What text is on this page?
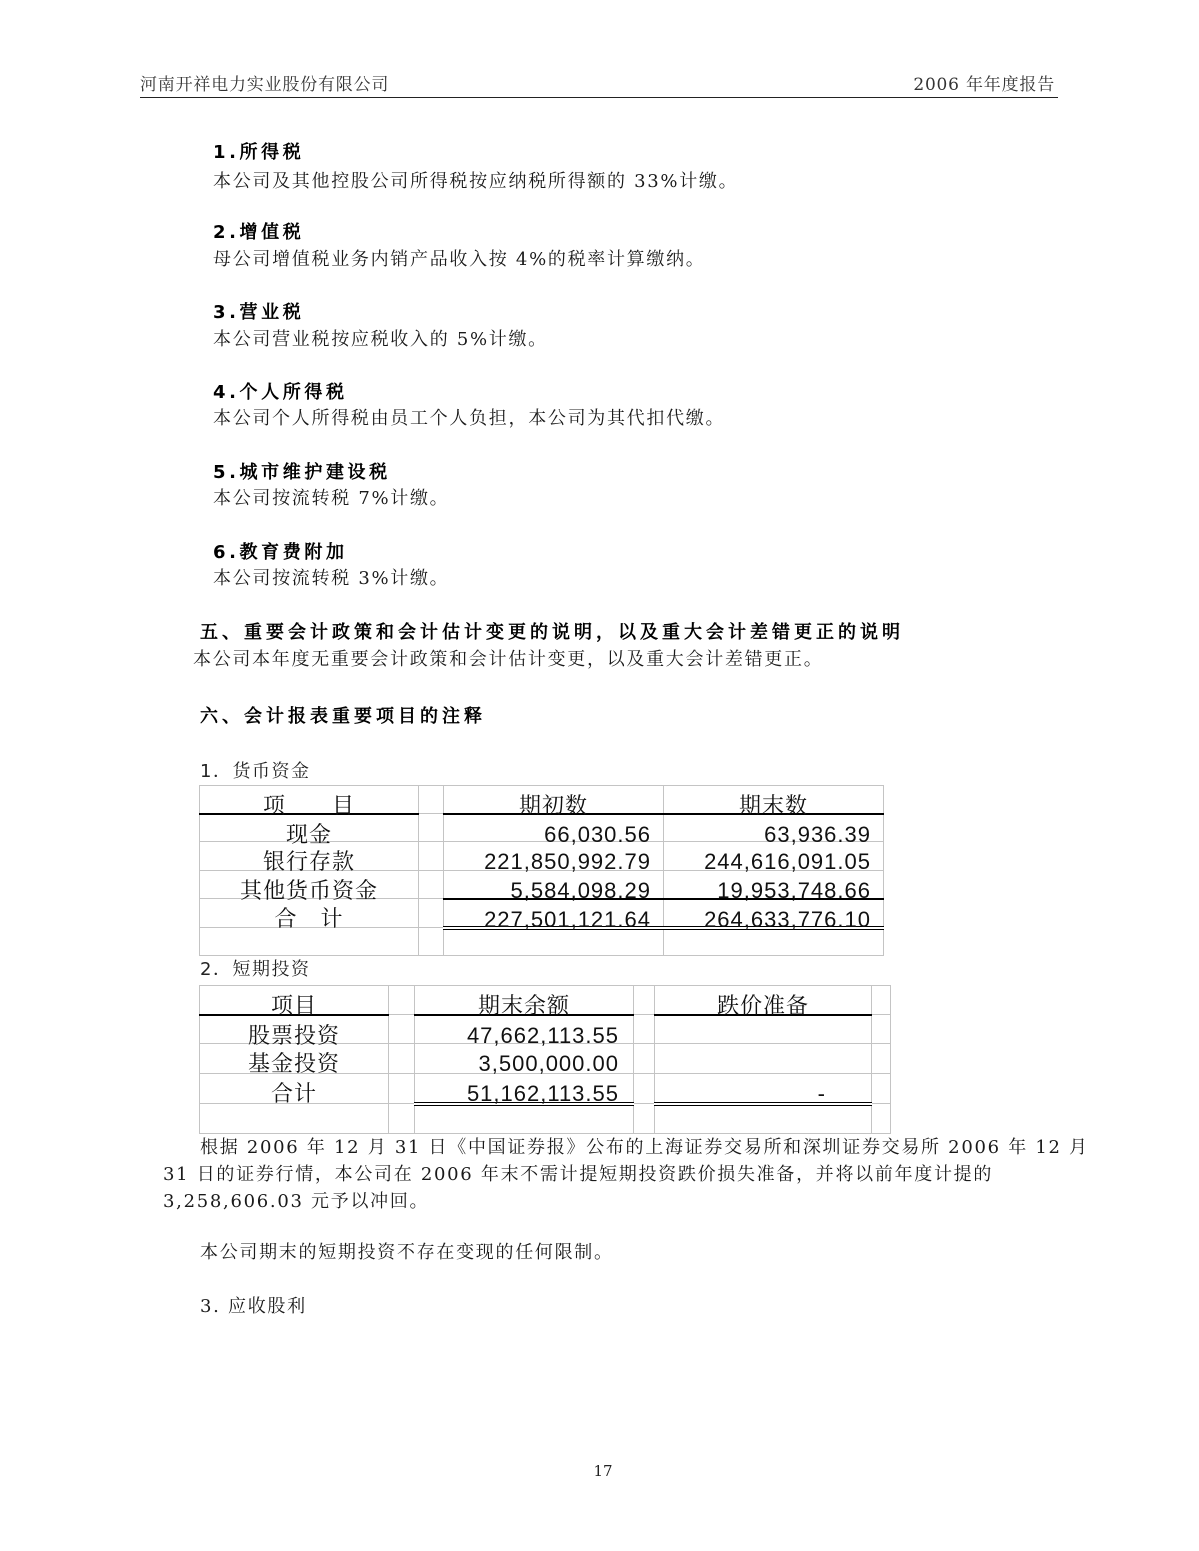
河南开祥电力实业股份有限公司	2006 年年度报告
1.所得税
本公司及其他控股公司所得税按应纳税所得额的 33%计缴。
2.增值税
母公司增值税业务内销产品收入按 4%的税率计算缴纳。
3.营业税
本公司营业税按应税收入的 5%计缴。
4.个人所得税
本公司个人所得税由员工个人负担，本公司为其代扣代缴。
5.城市维护建设税
本公司按流转税 7%计缴。
6.教育费附加
本公司按流转税 3%计缴。
五、重要会计政策和会计估计变更的说明，以及重大会计差错更正的说明
本公司本年度无重要会计政策和会计估计变更，以及重大会计差错更正。
六、会计报表重要项目的注释
1．货币资金
项　　目		期初数	期末数

现金		66,030.56	63,936.39

银行存款		221,850,992.79	244,616,091.05

其他货币资金		5,584,098.29	19,953,748.66

合　计		227,501,121.64	264,633,776.10

2．短期投资
项目		期末余额		跌价准备	

股票投资		47,662,113.55			

基金投资		3,500,000.00			

合计		51,162,113.55		-	

根据 2006 年 12 月 31 日《中国证券报》公布的上海证券交易所和深圳证券交易所 2006 年 12 月
31 日的证券行情，本公司在 2006 年末不需计提短期投资跌价损失准备，并将以前年度计提的
3,258,606.03 元予以冲回。
本公司期末的短期投资不存在变现的任何限制。
3. 应收股利
17
